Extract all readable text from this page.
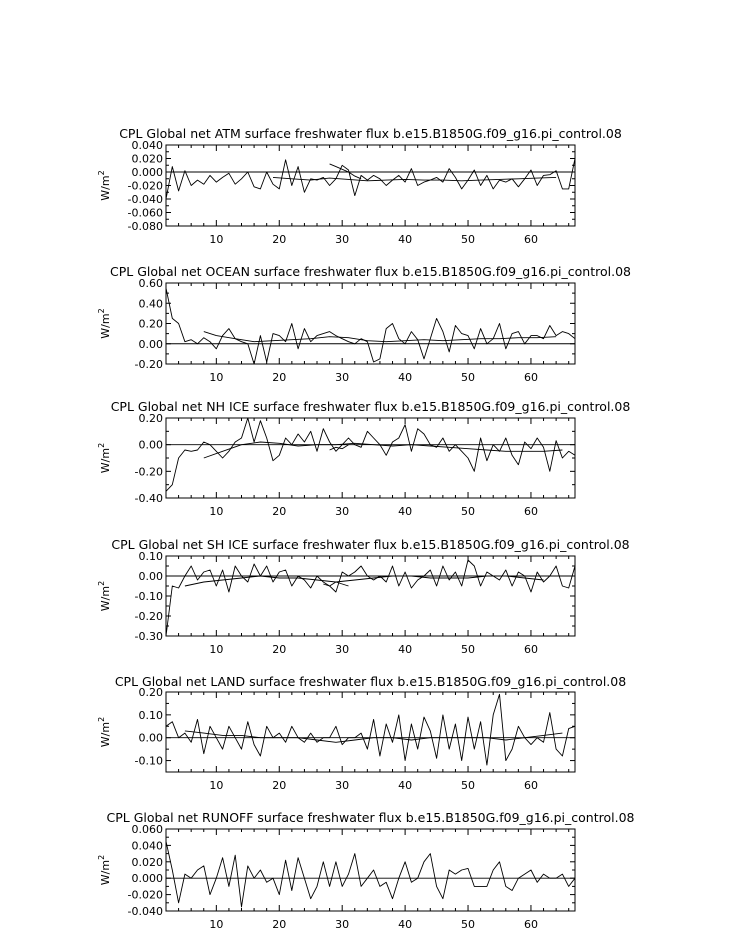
CPL Global net ATM surface freshwater flux b.e15.B1850G.f09_g16.pi_control.08
0.040
0.020
0.000
-0.020
-0.040
-0.060
-0.080
10	20	30	40	50	60
$W/m^2$
CPL Global net OCEAN surface freshwater flux b.e15.B1850G.f09_g16.pi_control.08
0.60
0.40
0.20
0.00
-0.20
10	20	30	40	50	60
$W/m^2$
CPL Global net NH ICE surface freshwater flux b.e15.B1850G.f09_g16.pi_control.08
0.20
0.00
-0.20
-0.40
10	20	30	40	50	60
$W/m^2$
CPL Global net SH ICE surface freshwater flux b.e15.B1850G.f09_g16.pi_control.08
0.10
0.00
-0.10
-0.20
-0.30
10	20	30	40	50	60
$W/m^2$
CPL Global net LAND surface freshwater flux b.e15.B1850G.f09_g16.pi_control.08
0.20
0.10
0.00
-0.10
10	20	30	40	50	60
$W/m^2$
CPL Global net RUNOFF surface freshwater flux b.e15.B1850G.f09_g16.pi_control.08
0.060
0.040
0.020
0.000
-0.020
-0.040
10	20	30	40	50	60
$W/m^2$
